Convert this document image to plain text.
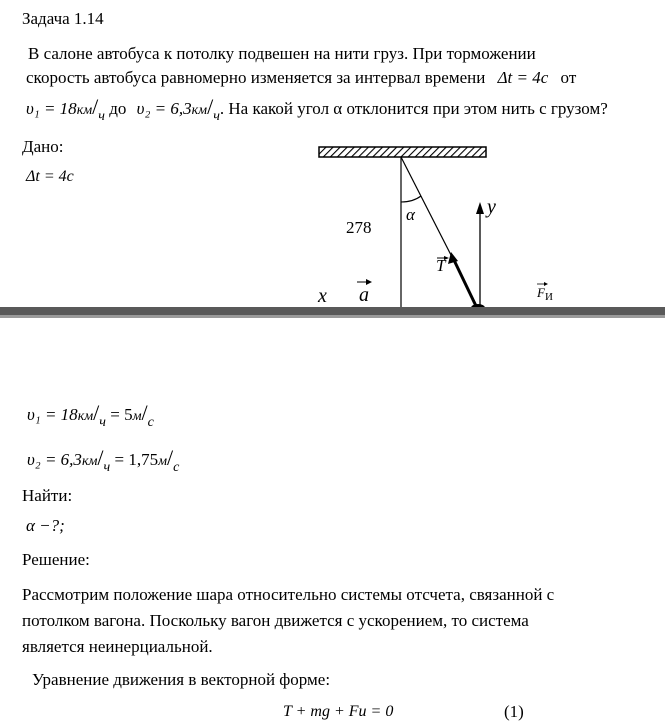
Задача 1.14
В салоне автобуса к потолку подвешен на нити груз. При торможении
скорость автобуса равномерно изменяется за интервал времени Δt = 4c от
$\upsilon_1 = 18км/_ч$ до $\upsilon_2 = 6,3км/_ч$. На какой угол α отклонится при этом нить с грузом?
Дано:
Δt = 4c
α	y
278
T
x a	$F_И$
$\upsilon_1 = 18км/_ч = 5м/_с$
$\upsilon_2 = 6,3км/_ч = 1,75м/_с$
Найти:
α −?;
Решение:
Рассмотрим положение шара относительно системы отсчета, связанной с
потолком вагона. Поскольку вагон движется с ускорением, то система
является неинерциальной.
Уравнение движения в векторной форме:
T + mg + Fи = 0	(1)
